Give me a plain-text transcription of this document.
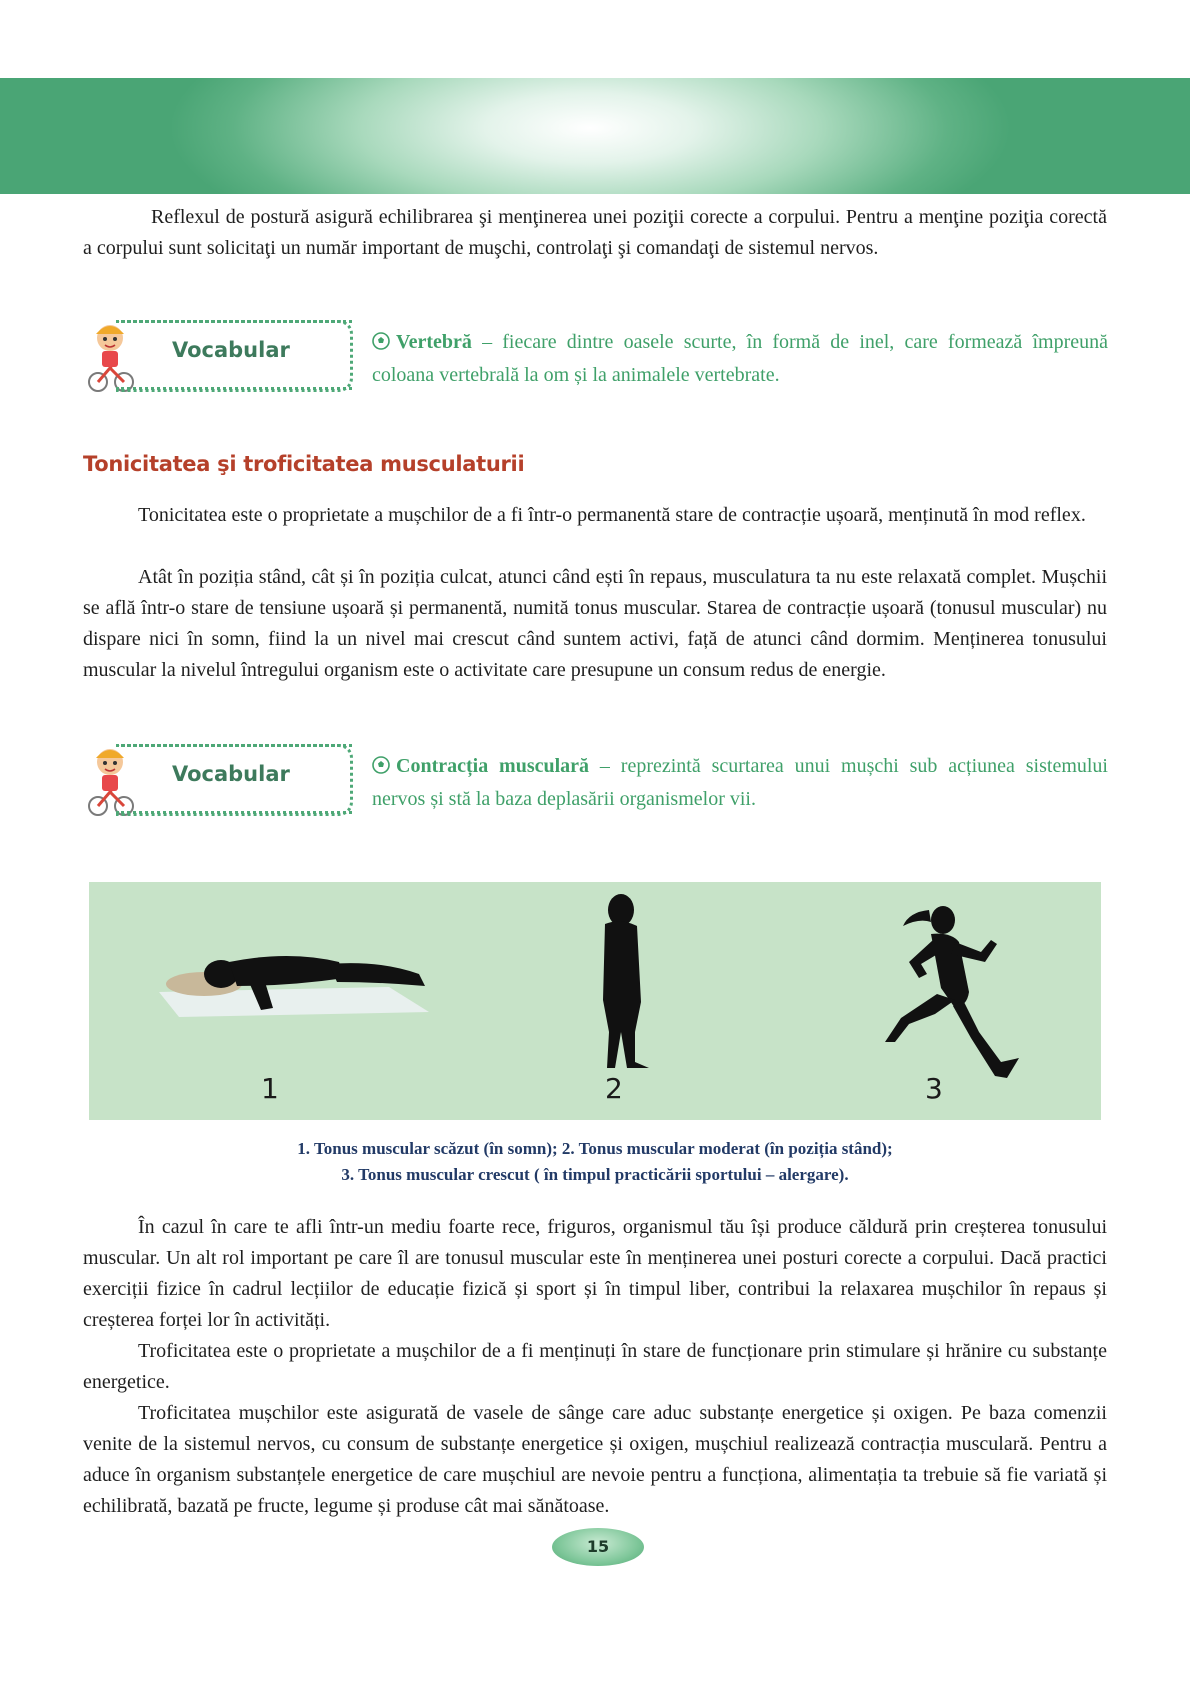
Reflexul de postură asigură echilibrarea şi menţinerea unei poziţii corecte a corpului. Pentru a menţine poziţia corectă a corpului sunt solicitaţi un număr important de muşchi, controlaţi şi comandaţi de sistemul nervos.

Vocabular	Vertebră – fiecare dintre oasele scurte, în formă de inel, care formează împreună coloana vertebrală la om și la animalele vertebrate.

Tonicitatea şi troficitatea musculaturii

Tonicitatea este o proprietate a mușchilor de a fi într-o permanentă stare de contracție ușoară, menținută în mod reflex.

Atât în poziția stând, cât și în poziția culcat, atunci când ești în repaus, musculatura ta nu este relaxată complet. Mușchii se află într-o stare de tensiune ușoară și permanentă, numită tonus muscular. Starea de contracție ușoară (tonusul muscular) nu dispare nici în somn, fiind la un nivel mai crescut când suntem activi, față de atunci când dormim. Menținerea tonusului muscular la nivelul întregului organism este o activitate care presupune un consum redus de energie.

Vocabular	Contracția musculară – reprezintă scurtarea unui mușchi sub acțiunea sistemului nervos și stă la baza deplasării organismelor vii.

1	2	3

1. Tonus muscular scăzut (în somn); 2. Tonus muscular moderat (în poziția stând);
3. Tonus muscular crescut ( în timpul practicării sportului – alergare).

În cazul în care te afli într-un mediu foarte rece, friguros, organismul tău își produce căldură prin creșterea tonusului muscular. Un alt rol important pe care îl are tonusul muscular este în menținerea unei posturi corecte a corpului. Dacă practici exerciții fizice în cadrul lecțiilor de educație fizică și sport și în timpul liber, contribui la relaxarea mușchilor în repaus și creșterea forței lor în activități.

Troficitatea este o proprietate a mușchilor de a fi menținuți în stare de funcționare prin stimulare și hrănire cu substanțe energetice.

Troficitatea mușchilor este asigurată de vasele de sânge care aduc substanțe energetice și oxigen. Pe baza comenzii venite de la sistemul nervos, cu consum de substanțe energetice și oxigen, mușchiul realizează contracția musculară. Pentru a aduce în organism substanțele energetice de care mușchiul are nevoie pentru a funcționa, alimentația ta trebuie să fie variată și echilibrată, bazată pe fructe, legume și produse cât mai sănătoase.

15
